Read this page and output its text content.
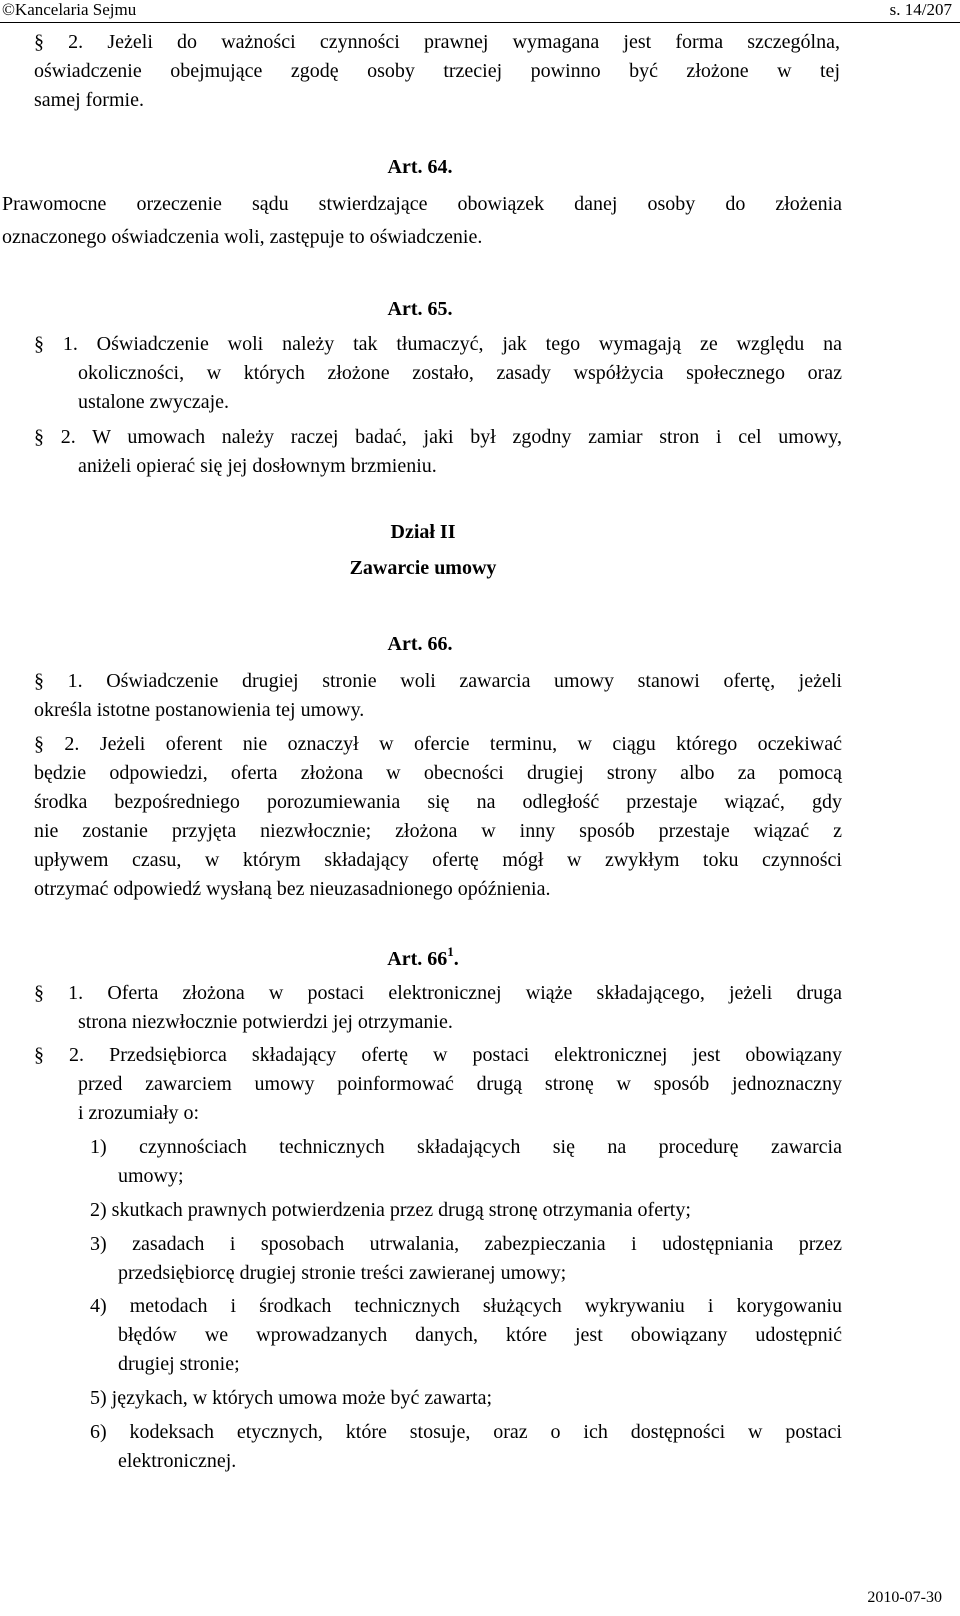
©Kancelaria Sejmu	s. 14/207
§ 2. Jeżeli do ważności czynności prawnej wymagana jest forma szczególna,
oświadczenie obejmujące zgodę osoby trzeciej powinno być złożone w tej
samej formie.
Art. 64.
Prawomocne orzeczenie sądu stwierdzające obowiązek danej osoby do złożenia
oznaczonego oświadczenia woli, zastępuje to oświadczenie.
Art. 65.
§ 1. Oświadczenie woli należy tak tłumaczyć, jak tego wymagają ze względu na
okoliczności, w których złożone zostało, zasady współżycia społecznego oraz
ustalone zwyczaje.
§ 2. W umowach należy raczej badać, jaki był zgodny zamiar stron i cel umowy,
aniżeli opierać się jej dosłownym brzmieniu.
Dział II
Zawarcie umowy
Art. 66.
§ 1. Oświadczenie drugiej stronie woli zawarcia umowy stanowi ofertę, jeżeli
określa istotne postanowienia tej umowy.
§ 2. Jeżeli oferent nie oznaczył w ofercie terminu, w ciągu którego oczekiwać
będzie odpowiedzi, oferta złożona w obecności drugiej strony albo za pomocą
środka bezpośredniego porozumiewania się na odległość przestaje wiązać, gdy
nie zostanie przyjęta niezwłocznie; złożona w inny sposób przestaje wiązać z
upływem czasu, w którym składający ofertę mógł w zwykłym toku czynności
otrzymać odpowiedź wysłaną bez nieuzasadnionego opóźnienia.
Art. $66^1$.
§ 1. Oferta złożona w postaci elektronicznej wiąże składającego, jeżeli druga
strona niezwłocznie potwierdzi jej otrzymanie.
§ 2. Przedsiębiorca składający ofertę w postaci elektronicznej jest obowiązany
przed zawarciem umowy poinformować drugą stronę w sposób jednoznaczny
i zrozumiały o:
1) czynnościach technicznych składających się na procedurę zawarcia
umowy;
2) skutkach prawnych potwierdzenia przez drugą stronę otrzymania oferty;
3) zasadach i sposobach utrwalania, zabezpieczania i udostępniania przez
przedsiębiorcę drugiej stronie treści zawieranej umowy;
4) metodach i środkach technicznych służących wykrywaniu i korygowaniu
błędów we wprowadzanych danych, które jest obowiązany udostępnić
drugiej stronie;
5) językach, w których umowa może być zawarta;
6) kodeksach etycznych, które stosuje, oraz o ich dostępności w postaci
elektronicznej.
2010-07-30
